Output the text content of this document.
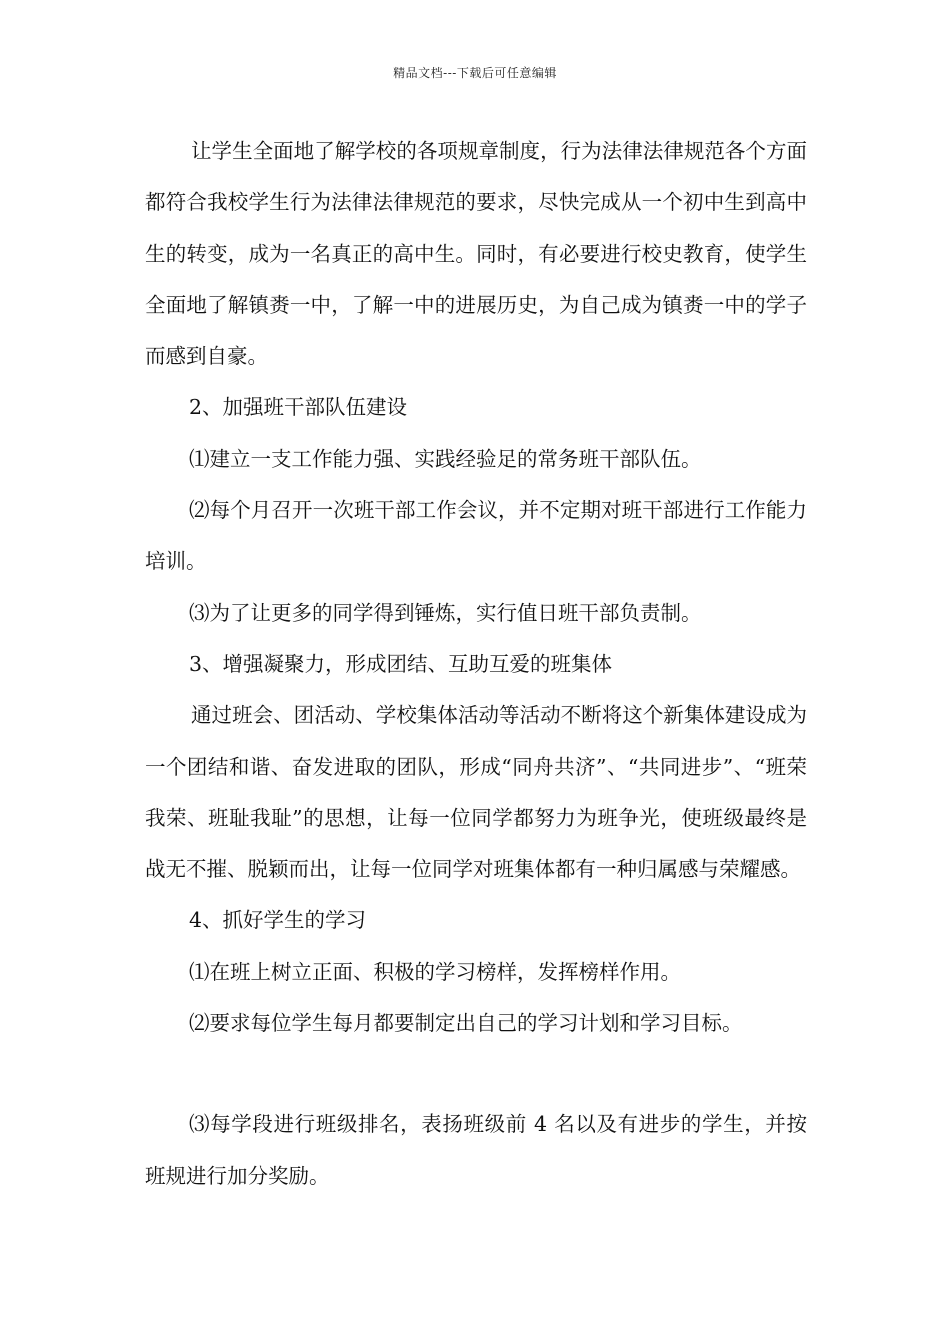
精品文档---下载后可任意编辑

让学生全面地了解学校的各项规章制度，行为法律法律规范各个方面都符合我校学生行为法律法律规范的要求，尽快完成从一个初中生到高中生的转变，成为一名真正的高中生。同时，有必要进行校史教育，使学生全面地了解镇赉一中，了解一中的进展历史，为自己成为镇赉一中的学子而感到自豪。

2、加强班干部队伍建设

⑴建立一支工作能力强、实践经验足的常务班干部队伍。

⑵每个月召开一次班干部工作会议，并不定期对班干部进行工作能力培训。

⑶为了让更多的同学得到锤炼，实行值日班干部负责制。

3、增强凝聚力，形成团结、互助互爱的班集体

通过班会、团活动、学校集体活动等活动不断将这个新集体建设成为一个团结和谐、奋发进取的团队，形成“同舟共济”、“共同进步”、“班荣我荣、班耻我耻”的思想，让每一位同学都努力为班争光，使班级最终是战无不摧、脱颖而出，让每一位同学对班集体都有一种归属感与荣耀感。

4、抓好学生的学习

⑴在班上树立正面、积极的学习榜样，发挥榜样作用。

⑵要求每位学生每月都要制定出自己的学习计划和学习目标。

⑶每学段进行班级排名，表扬班级前 4 名以及有进步的学生，并按班规进行加分奖励。
